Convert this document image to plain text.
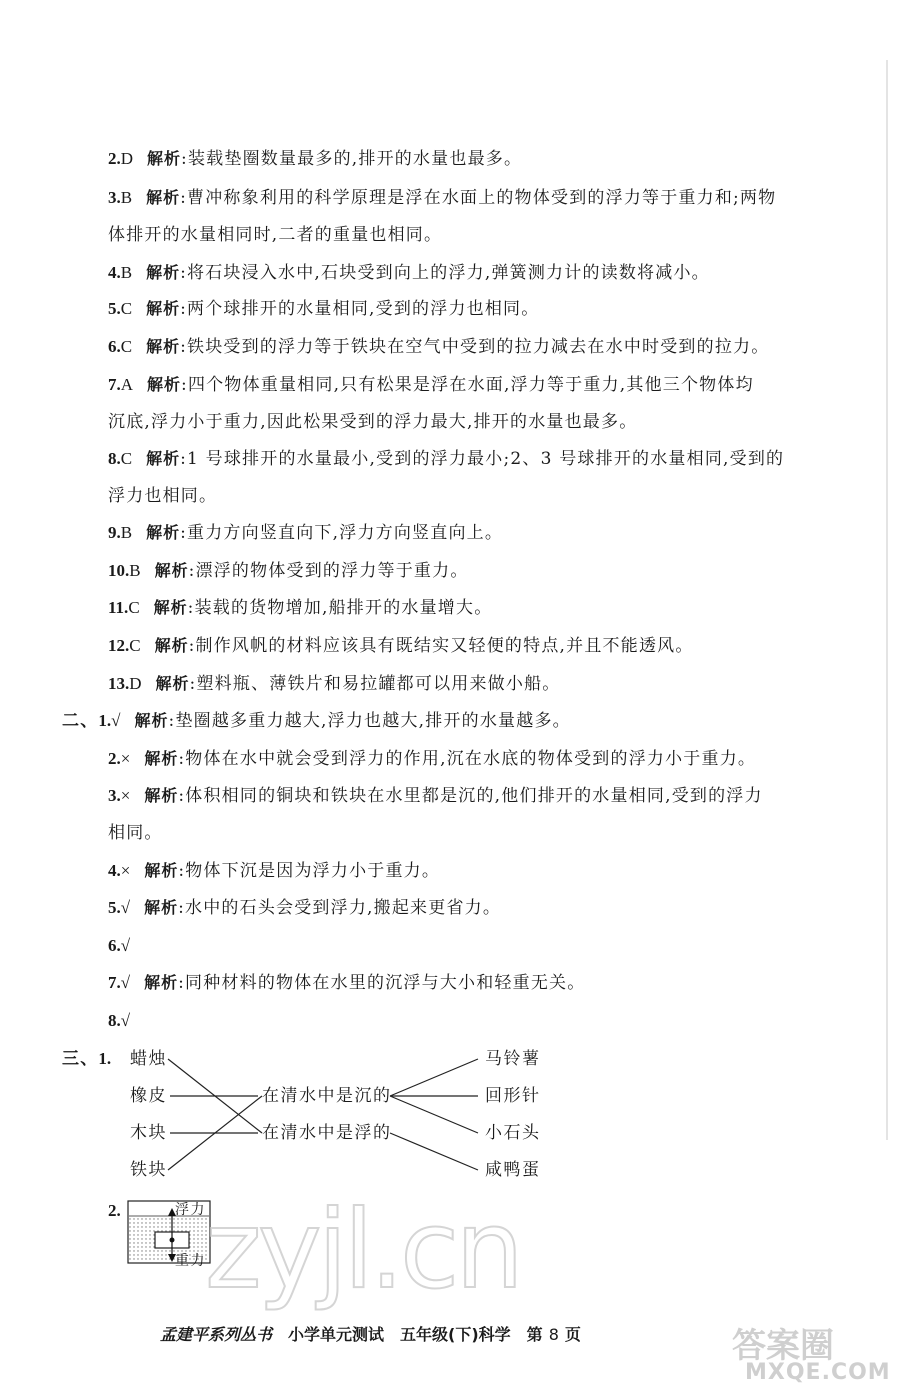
2.D 解析:装载垫圈数量最多的,排开的水量也最多。
3.B 解析:曹冲称象利用的科学原理是浮在水面上的物体受到的浮力等于重力和;两物
体排开的水量相同时,二者的重量也相同。
4.B 解析:将石块浸入水中,石块受到向上的浮力,弹簧测力计的读数将减小。
5.C 解析:两个球排开的水量相同,受到的浮力也相同。
6.C 解析:铁块受到的浮力等于铁块在空气中受到的拉力减去在水中时受到的拉力。
7.A 解析:四个物体重量相同,只有松果是浮在水面,浮力等于重力,其他三个物体均
沉底,浮力小于重力,因此松果受到的浮力最大,排开的水量也最多。
8.C 解析:1 号球排开的水量最小,受到的浮力最小;2、3 号球排开的水量相同,受到的
浮力也相同。
9.B 解析:重力方向竖直向下,浮力方向竖直向上。
10.B 解析:漂浮的物体受到的浮力等于重力。
11.C 解析:装载的货物增加,船排开的水量增大。
12.C 解析:制作风帆的材料应该具有既结实又轻便的特点,并且不能透风。
13.D 解析:塑料瓶、薄铁片和易拉罐都可以用来做小船。
二、1.√ 解析:垫圈越多重力越大,浮力也越大,排开的水量越多。
2.× 解析:物体在水中就会受到浮力的作用,沉在水底的物体受到的浮力小于重力。
3.× 解析:体积相同的铜块和铁块在水里都是沉的,他们排开的水量相同,受到的浮力
相同。
4.× 解析:物体下沉是因为浮力小于重力。
5.√ 解析:水中的石头会受到浮力,搬起来更省力。
6.√
7.√ 解析:同种材料的物体在水里的沉浮与大小和轻重无关。
8.√
三、1. 蜡烛
橡皮
木块
铁块
在清水中是沉的
在清水中是浮的
马铃薯
回形针
小石头
咸鸭蛋
2.	浮力
重力 zyjl.cn
答案圈
MXQE.COM
孟建平系列丛书 小学单元测试 五年级(下)科学 第 8 页
